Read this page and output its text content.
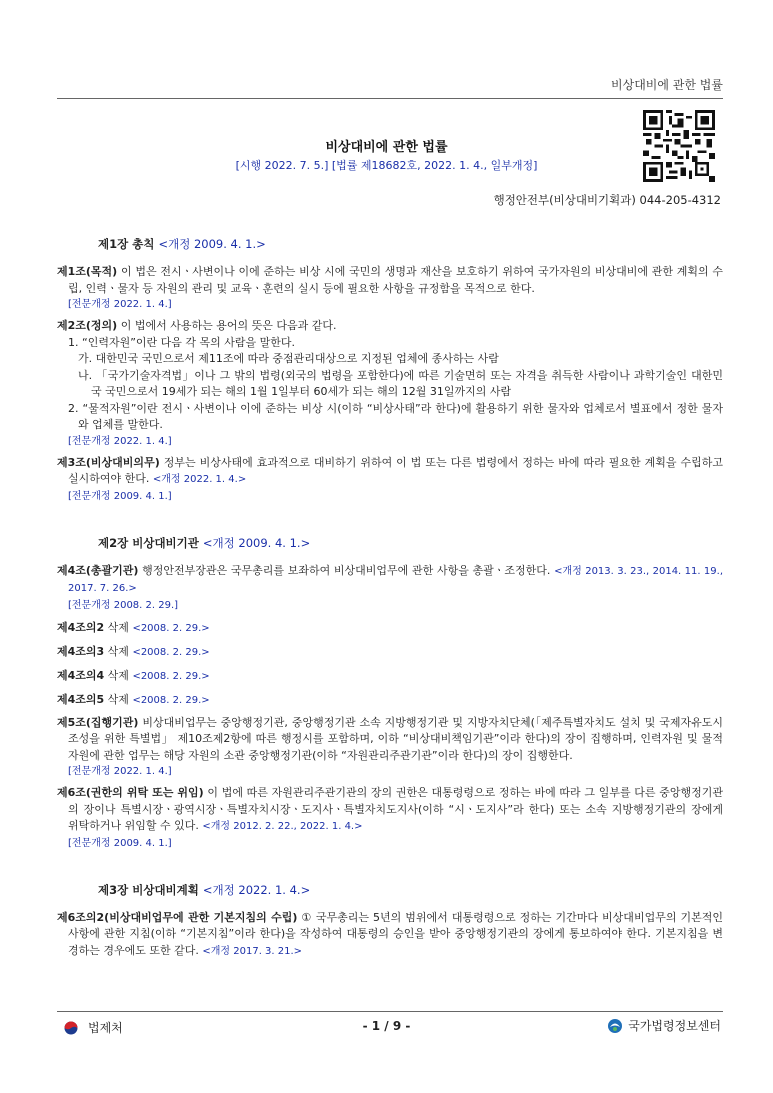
비상대비에 관한 법률
비상대비에 관한 법률
[시행 2022. 7. 5.] [법률 제18682호, 2022. 1. 4., 일부개정]
행정안전부(비상대비기획과) 044-205-4312
제1장 총칙 <개정 2009. 4. 1.>
제1조(목적) 이 법은 전시ㆍ사변이나 이에 준하는 비상 시에 국민의 생명과 재산을 보호하기 위하여 국가자원의 비상대비에 관한 계획의 수립, 인력ㆍ물자 등 자원의 관리 및 교육ㆍ훈련의 실시 등에 필요한 사항을 규정함을 목적으로 한다.
[전문개정 2022. 1. 4.]
제2조(정의) 이 법에서 사용하는 용어의 뜻은 다음과 같다.
1. “인력자원”이란 다음 각 목의 사람을 말한다.
가. 대한민국 국민으로서 제11조에 따라 중점관리대상으로 지정된 업체에 종사하는 사람
나. 「국가기술자격법」이나 그 밖의 법령(외국의 법령을 포함한다)에 따른 기술면허 또는 자격을 취득한 사람이나 과학기술인 대한민국 국민으로서 19세가 되는 해의 1월 1일부터 60세가 되는 해의 12월 31일까지의 사람
2. “물적자원”이란 전시ㆍ사변이나 이에 준하는 비상 시(이하 “비상사태”라 한다)에 활용하기 위한 물자와 업체로서 별표에서 정한 물자와 업체를 말한다.
[전문개정 2022. 1. 4.]
제3조(비상대비의무) 정부는 비상사태에 효과적으로 대비하기 위하여 이 법 또는 다른 법령에서 정하는 바에 따라 필요한 계획을 수립하고 실시하여야 한다. <개정 2022. 1. 4.>
[전문개정 2009. 4. 1.]
제2장 비상대비기관 <개정 2009. 4. 1.>
제4조(총괄기관) 행정안전부장관은 국무총리를 보좌하여 비상대비업무에 관한 사항을 총괄ㆍ조정한다. <개정 2013. 3. 23., 2014. 11. 19., 2017. 7. 26.>
[전문개정 2008. 2. 29.]
제4조의2 삭제 <2008. 2. 29.>
제4조의3 삭제 <2008. 2. 29.>
제4조의4 삭제 <2008. 2. 29.>
제4조의5 삭제 <2008. 2. 29.>
제5조(집행기관) 비상대비업무는 중앙행정기관, 중앙행정기관 소속 지방행정기관 및 지방자치단체(「제주특별자치도 설치 및 국제자유도시 조성을 위한 특별법」 제10조제2항에 따른 행정시를 포함하며, 이하 “비상대비책임기관”이라 한다)의 장이 집행하며, 인력자원 및 물적자원에 관한 업무는 해당 자원의 소관 중앙행정기관(이하 “자원관리주관기관”이라 한다)의 장이 집행한다.
[전문개정 2022. 1. 4.]
제6조(권한의 위탁 또는 위임) 이 법에 따른 자원관리주관기관의 장의 권한은 대통령령으로 정하는 바에 따라 그 일부를 다른 중앙행정기관의 장이나 특별시장ㆍ광역시장ㆍ특별자치시장ㆍ도지사ㆍ특별자치도지사(이하 “시ㆍ도지사”라 한다) 또는 소속 지방행정기관의 장에게 위탁하거나 위임할 수 있다. <개정 2012. 2. 22., 2022. 1. 4.>
[전문개정 2009. 4. 1.]
제3장 비상대비계획 <개정 2022. 1. 4.>
제6조의2(비상대비업무에 관한 기본지침의 수립) ① 국무총리는 5년의 범위에서 대통령령으로 정하는 기간마다 비상대비업무의 기본적인 사항에 관한 지침(이하 “기본지침”이라 한다)을 작성하여 대통령의 승인을 받아 중앙행정기관의 장에게 통보하여야 한다. 기본지침을 변경하는 경우에도 또한 같다. <개정 2017. 3. 21.>
법제처	- 1 / 9 -	국가법령정보센터
